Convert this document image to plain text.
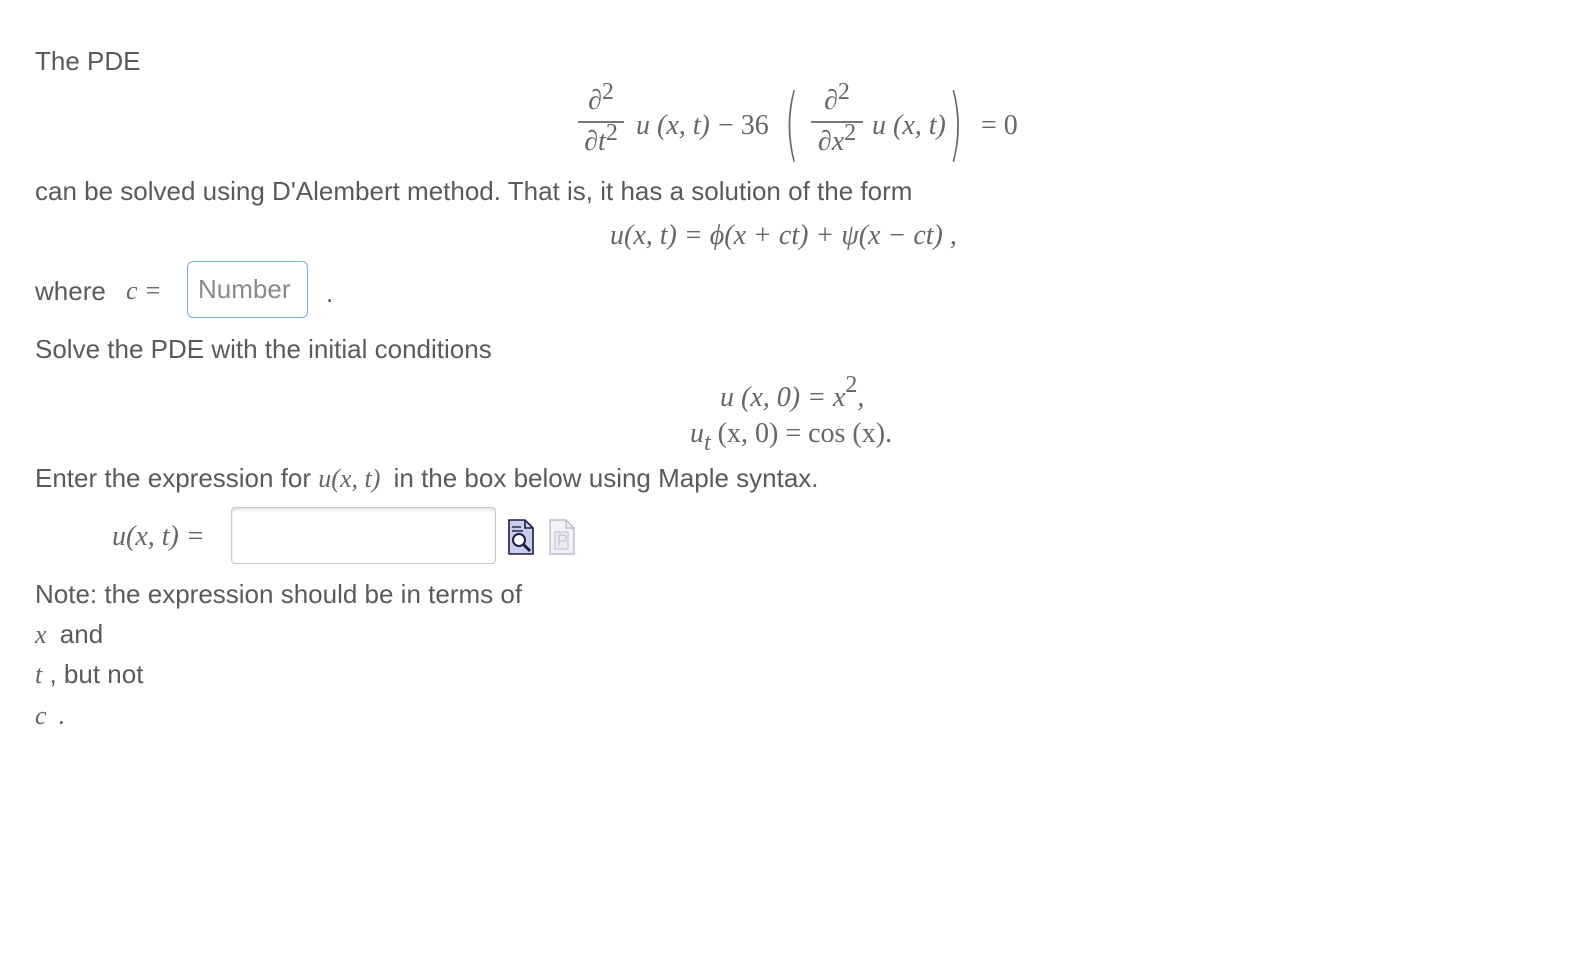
The PDE
∂2
∂t2 u (x, t) − 36 ( ∂2
∂x2 u (x, t) ) = 0
can be solved using D'Alembert method. That is, it has a solution of the form
u(x, t) = ϕ(x + ct) + ψ(x − ct) ,
where c =
Number	.
Solve the PDE with the initial conditions
u (x, 0) = x2,
ut (x, 0) = cos (x).
Enter the expression for u(x, t) in the box below using Maple syntax.
u(x, t) =
Note: the expression should be in terms of
x and
t , but not
c .
